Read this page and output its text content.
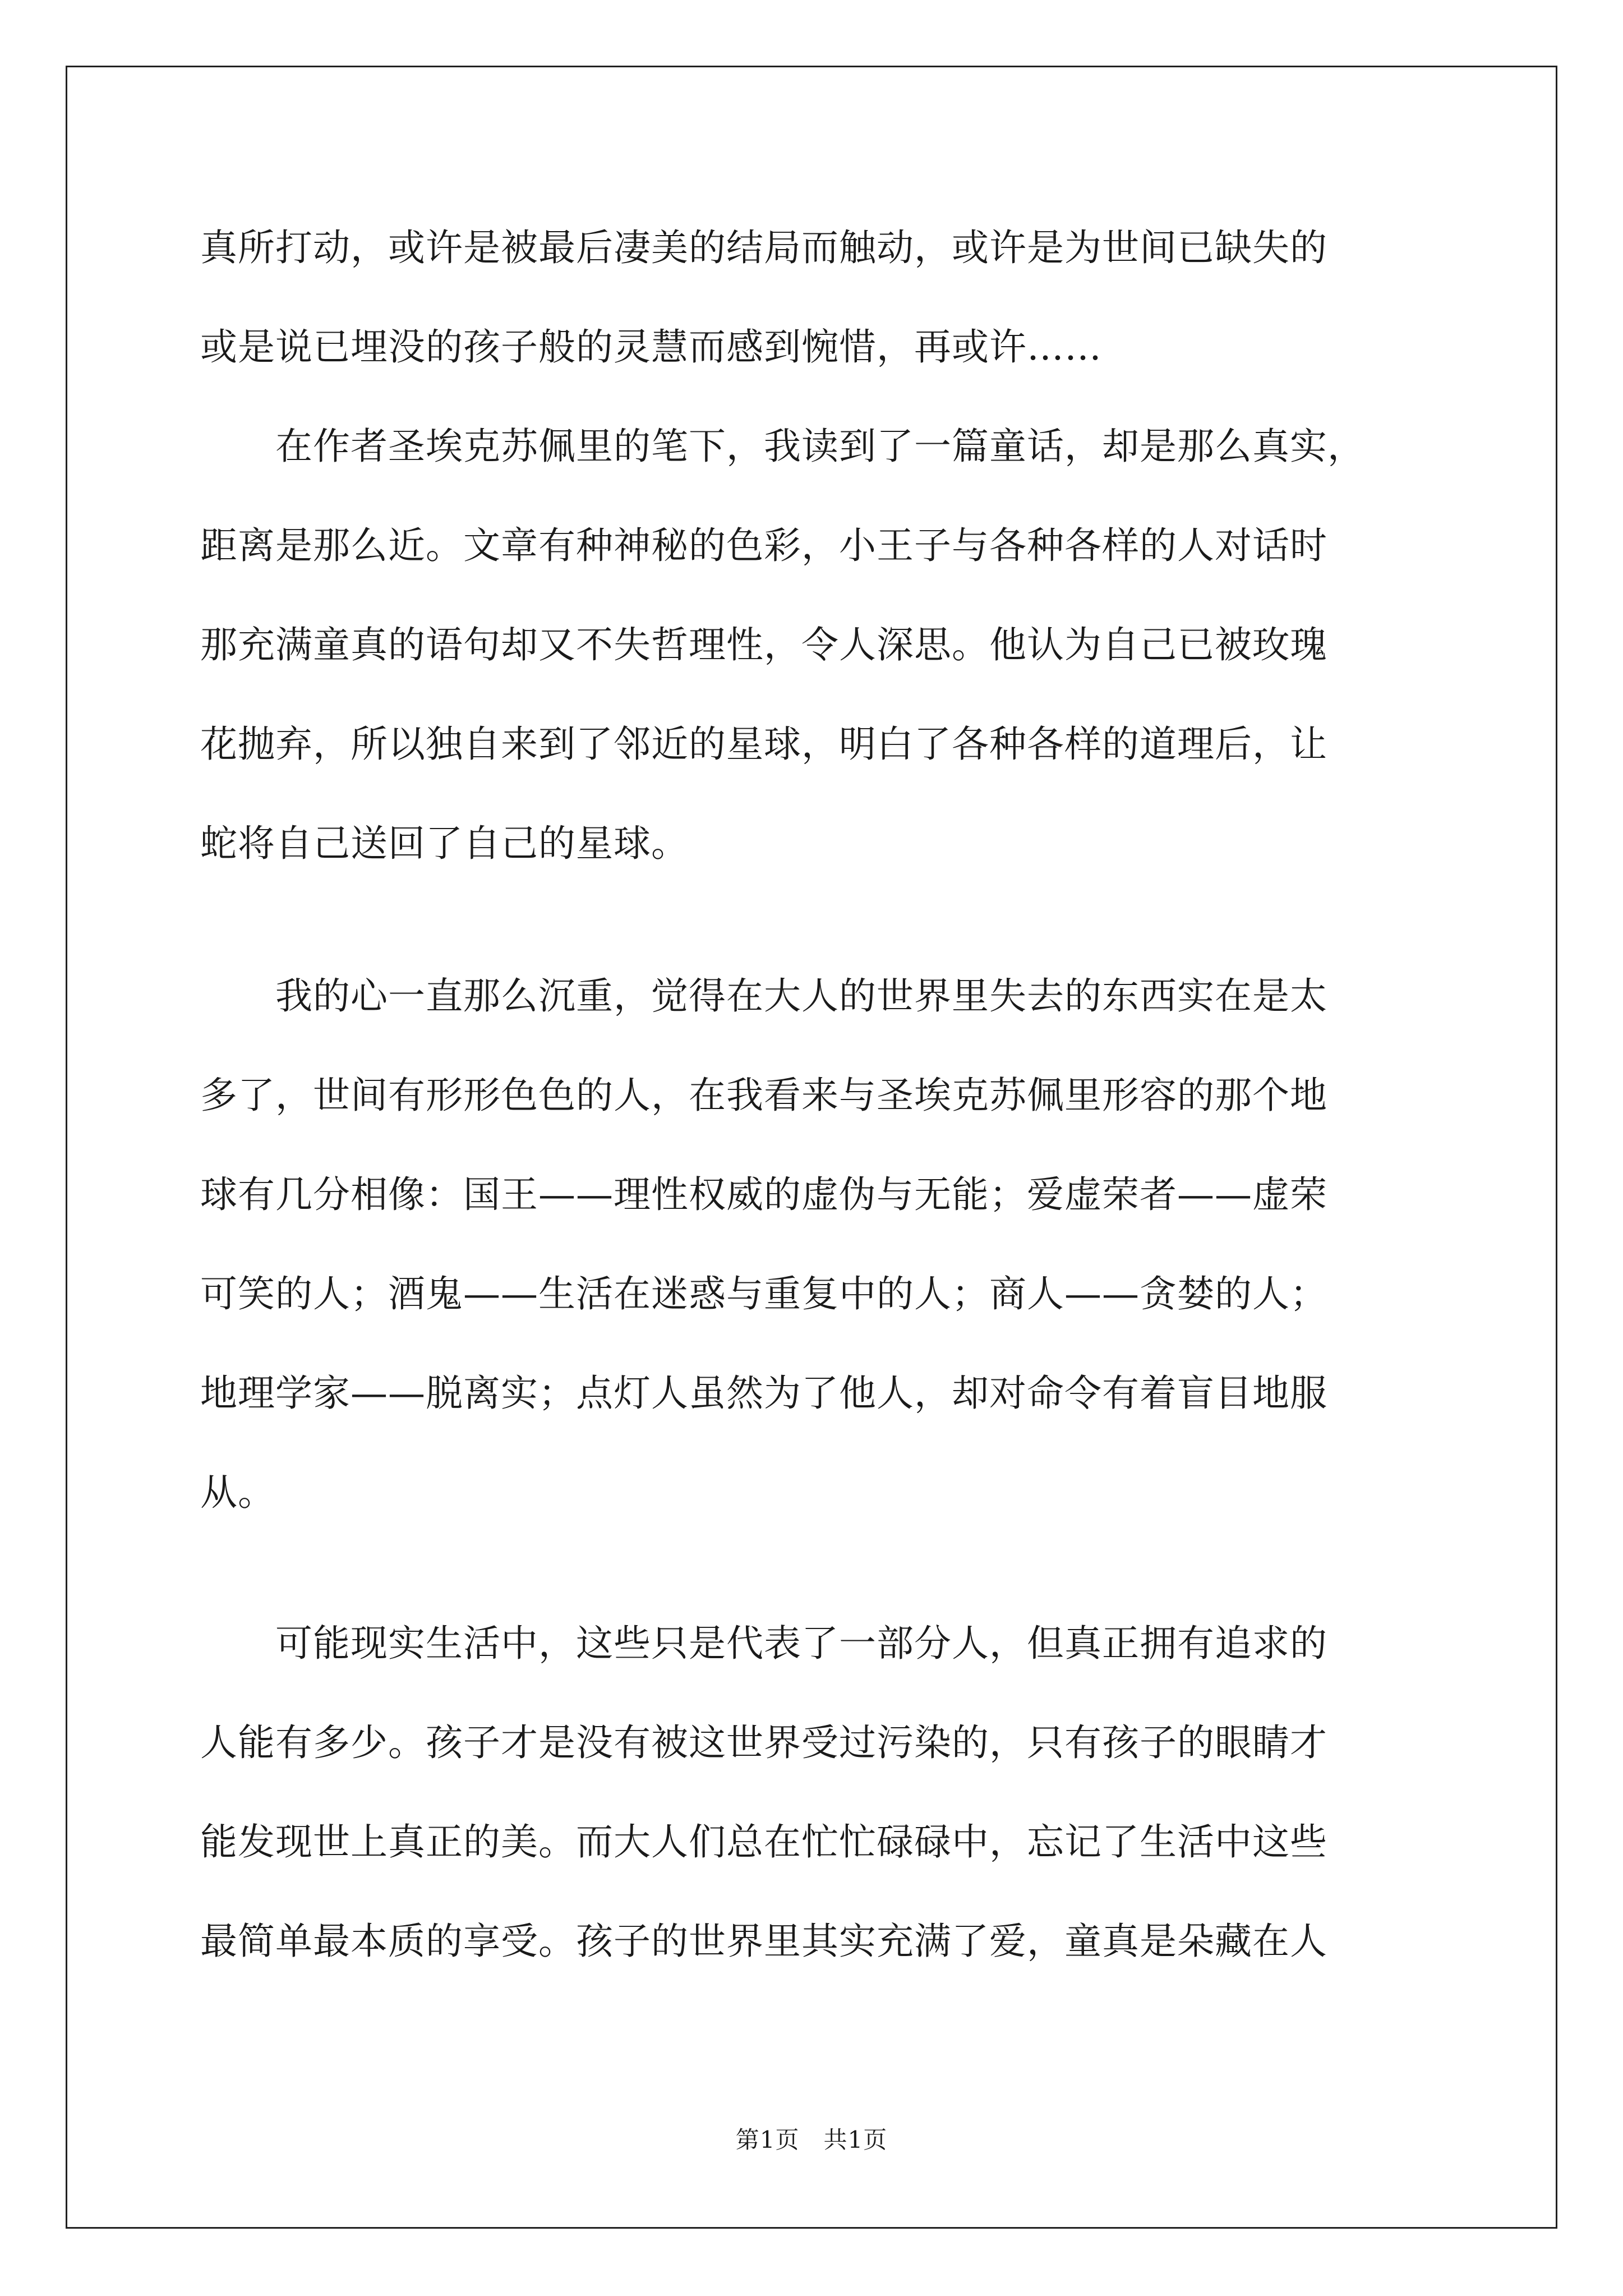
真所打动，或许是被最后凄美的结局而触动，或许是为世间已缺失的
或是说已埋没的孩子般的灵慧而感到惋惜，再或许……
　　在作者圣埃克苏佩里的笔下，我读到了一篇童话，却是那么真实，
距离是那么近。文章有种神秘的色彩，小王子与各种各样的人对话时
那充满童真的语句却又不失哲理性，令人深思。他认为自己已被玫瑰
花抛弃，所以独自来到了邻近的星球，明白了各种各样的道理后，让
蛇将自己送回了自己的星球。
　　我的心一直那么沉重，觉得在大人的世界里失去的东西实在是太
多了，世间有形形色色的人，在我看来与圣埃克苏佩里形容的那个地
球有几分相像：国王——理性权威的虚伪与无能；爱虚荣者——虚荣
可笑的人；酒鬼——生活在迷惑与重复中的人；商人——贪婪的人；
地理学家——脱离实；点灯人虽然为了他人，却对命令有着盲目地服
从。
　　可能现实生活中，这些只是代表了一部分人，但真正拥有追求的
人能有多少。孩子才是没有被这世界受过污染的，只有孩子的眼睛才
能发现世上真正的美。而大人们总在忙忙碌碌中，忘记了生活中这些
最简单最本质的享受。孩子的世界里其实充满了爱，童真是朵藏在人
第1页　共1页
